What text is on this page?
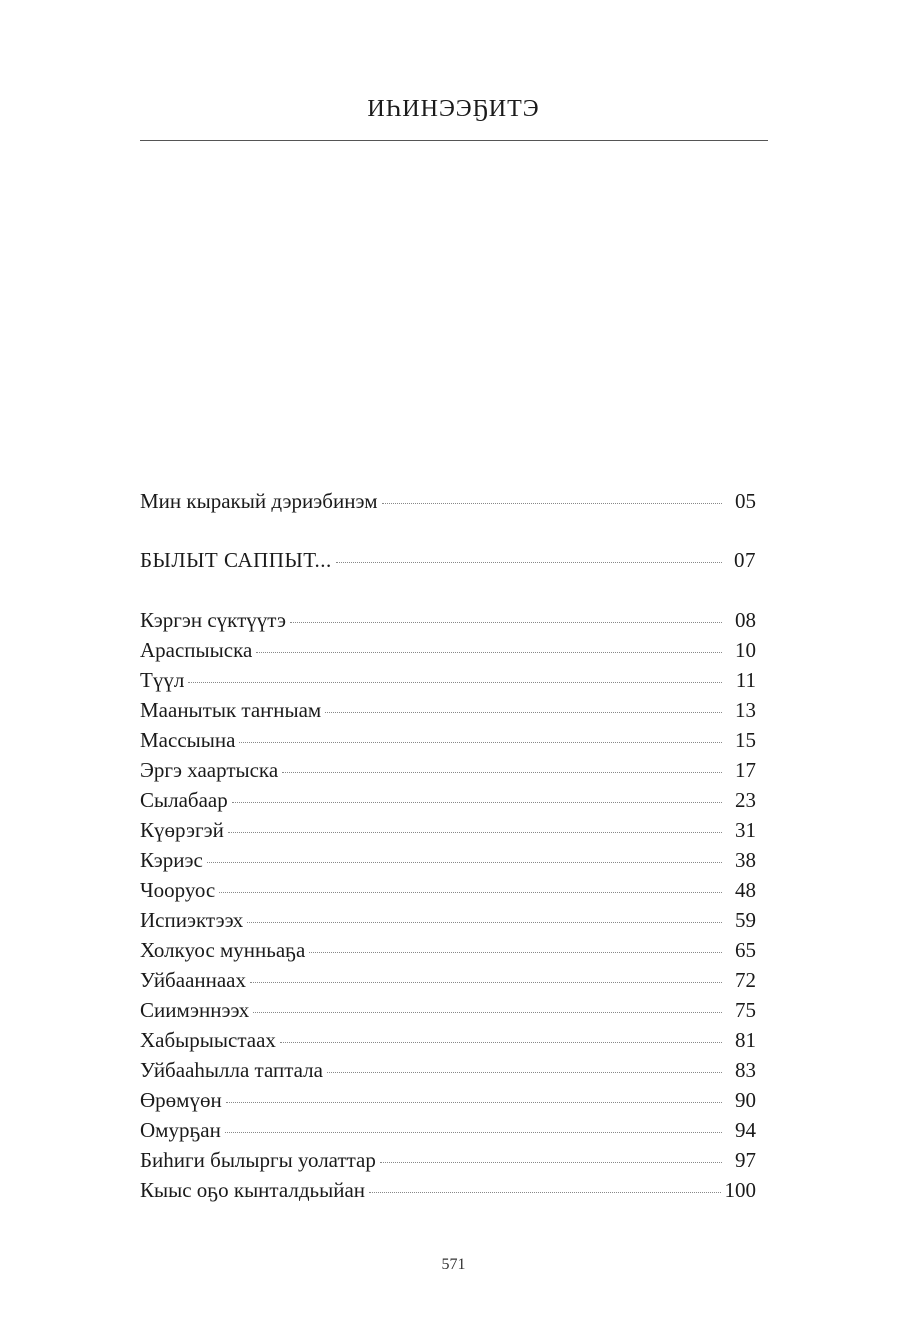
ИҺИНЭЭҔИТЭ
Мин кыракый дэриэбинэм	05
БЫЛЫТ САППЫТ...	07
Кэргэн сүктүүтэ	08
Араспыыска	10
Түүл	11
Маанытык таҥныам	13
Массыына	15
Эргэ хаартыска	17
Сылабаар	23
Күөрэгэй	31
Кэриэс	38
Чооруос	48
Испиэктээх	59
Холкуос мунньаҕа	65
Уйбааннаах	72
Сиимэннээх	75
Хабырыыстаах	81
Уйбааһылла таптала	83
Өрөмүөн	90
Омурҕан	94
Биһиги былыргы уолаттар	97
Кыыс оҕо кынталдьыйан	100
571
